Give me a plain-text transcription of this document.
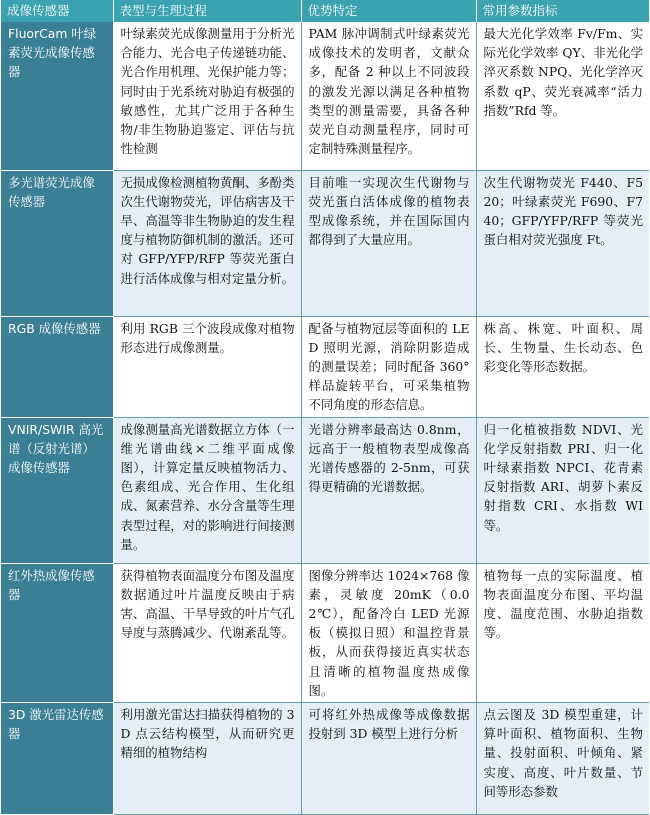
成像传感器	表型与生理过程	优势特定	常用参数指标
FluorCam 叶绿素荧光成像传感器	叶绿素荧光成像测量用于分析光合能力、光合电子传递链功能、光合作用机理、光保护能力等；同时由于光系统对胁迫有极强的敏感性，尤其广泛用于各种生物/非生物胁迫鉴定、评估与抗性检测	PAM 脉冲调制式叶绿素荧光成像技术的发明者，文献众多，配备 2 种以上不同波段的激发光源以满足各种植物类型的测量需要，具备各种荧光自动测量程序，同时可定制特殊测量程序。	最大光化学效率 Fv/Fm、实际光化学效率 QY、非光化学淬灭系数 NPQ、光化学淬灭系数 qP、荧光衰减率“活力指数”Rfd 等。
多光谱荧光成像传感器	无损成像检测植物黄酮、多酚类次生代谢物荧光，评估病害及干旱、高温等非生物胁迫的发生程度与植物防御机制的激活。还可对 GFP/YFP/RFP 等荧光蛋白进行活体成像与相对定量分析。	目前唯一实现次生代谢物与荧光蛋白活体成像的植物表型成像系统，并在国际国内都得到了大量应用。	次生代谢物荧光 F440、F520；叶绿素荧光 F690、F740；GFP/YFP/RFP 等荧光蛋白相对荧光强度 Ft。
RGB 成像传感器	利用 RGB 三个波段成像对植物形态进行成像测量。	配备与植物冠层等面积的 LED 照明光源，消除阴影造成的测量误差；同时配备 360°样品旋转平台，可采集植物不同角度的形态信息。	株高、株宽、叶面积、周长、生物量、生长动态、色彩变化等形态数据。
VNIR/SWIR 高光谱（反射光谱）成像传感器	成像测量高光谱数据立方体（一维光谱曲线×二维平面成像图），计算定量反映植物活力、色素组成、光合作用、生化组成、氮素营养、水分含量等生理表型过程，对的影响进行间接测量。	光谱分辨率最高达 0.8nm，远高于一般植物表型成像高光谱传感器的 2-5nm，可获得更精确的光谱数据。	归一化植被指数 NDVI、光化学反射指数 PRI、归一化叶绿素指数 NPCI、花青素反射指数 ARI、胡萝卜素反射指数 CRI、水指数 WI 等。
红外热成像传感器	获得植物表面温度分布图及温度数据通过叶片温度反映由于病害、高温、干旱导致的叶片气孔导度与蒸腾减少、代谢紊乱等。	图像分辨率达 1024×768 像素，灵敏度 20mK（0.02℃），配备冷白 LED 光源板（模拟日照）和温控背景板，从而获得接近真实状态且清晰的植物温度热成像图。	植物每一点的实际温度、植物表面温度分布图、平均温度、温度范围、水胁迫指数等。
3D 激光雷达传感器	利用激光雷达扫描获得植物的 3D 点云结构模型，从而研究更精细的植物结构	可将红外热成像等成像数据投射到 3D 模型上进行分析	点云图及 3D 模型重建，计算叶面积、植物面积、生物量、投射面积、叶倾角、紧实度、高度、叶片数量、节间等形态参数
